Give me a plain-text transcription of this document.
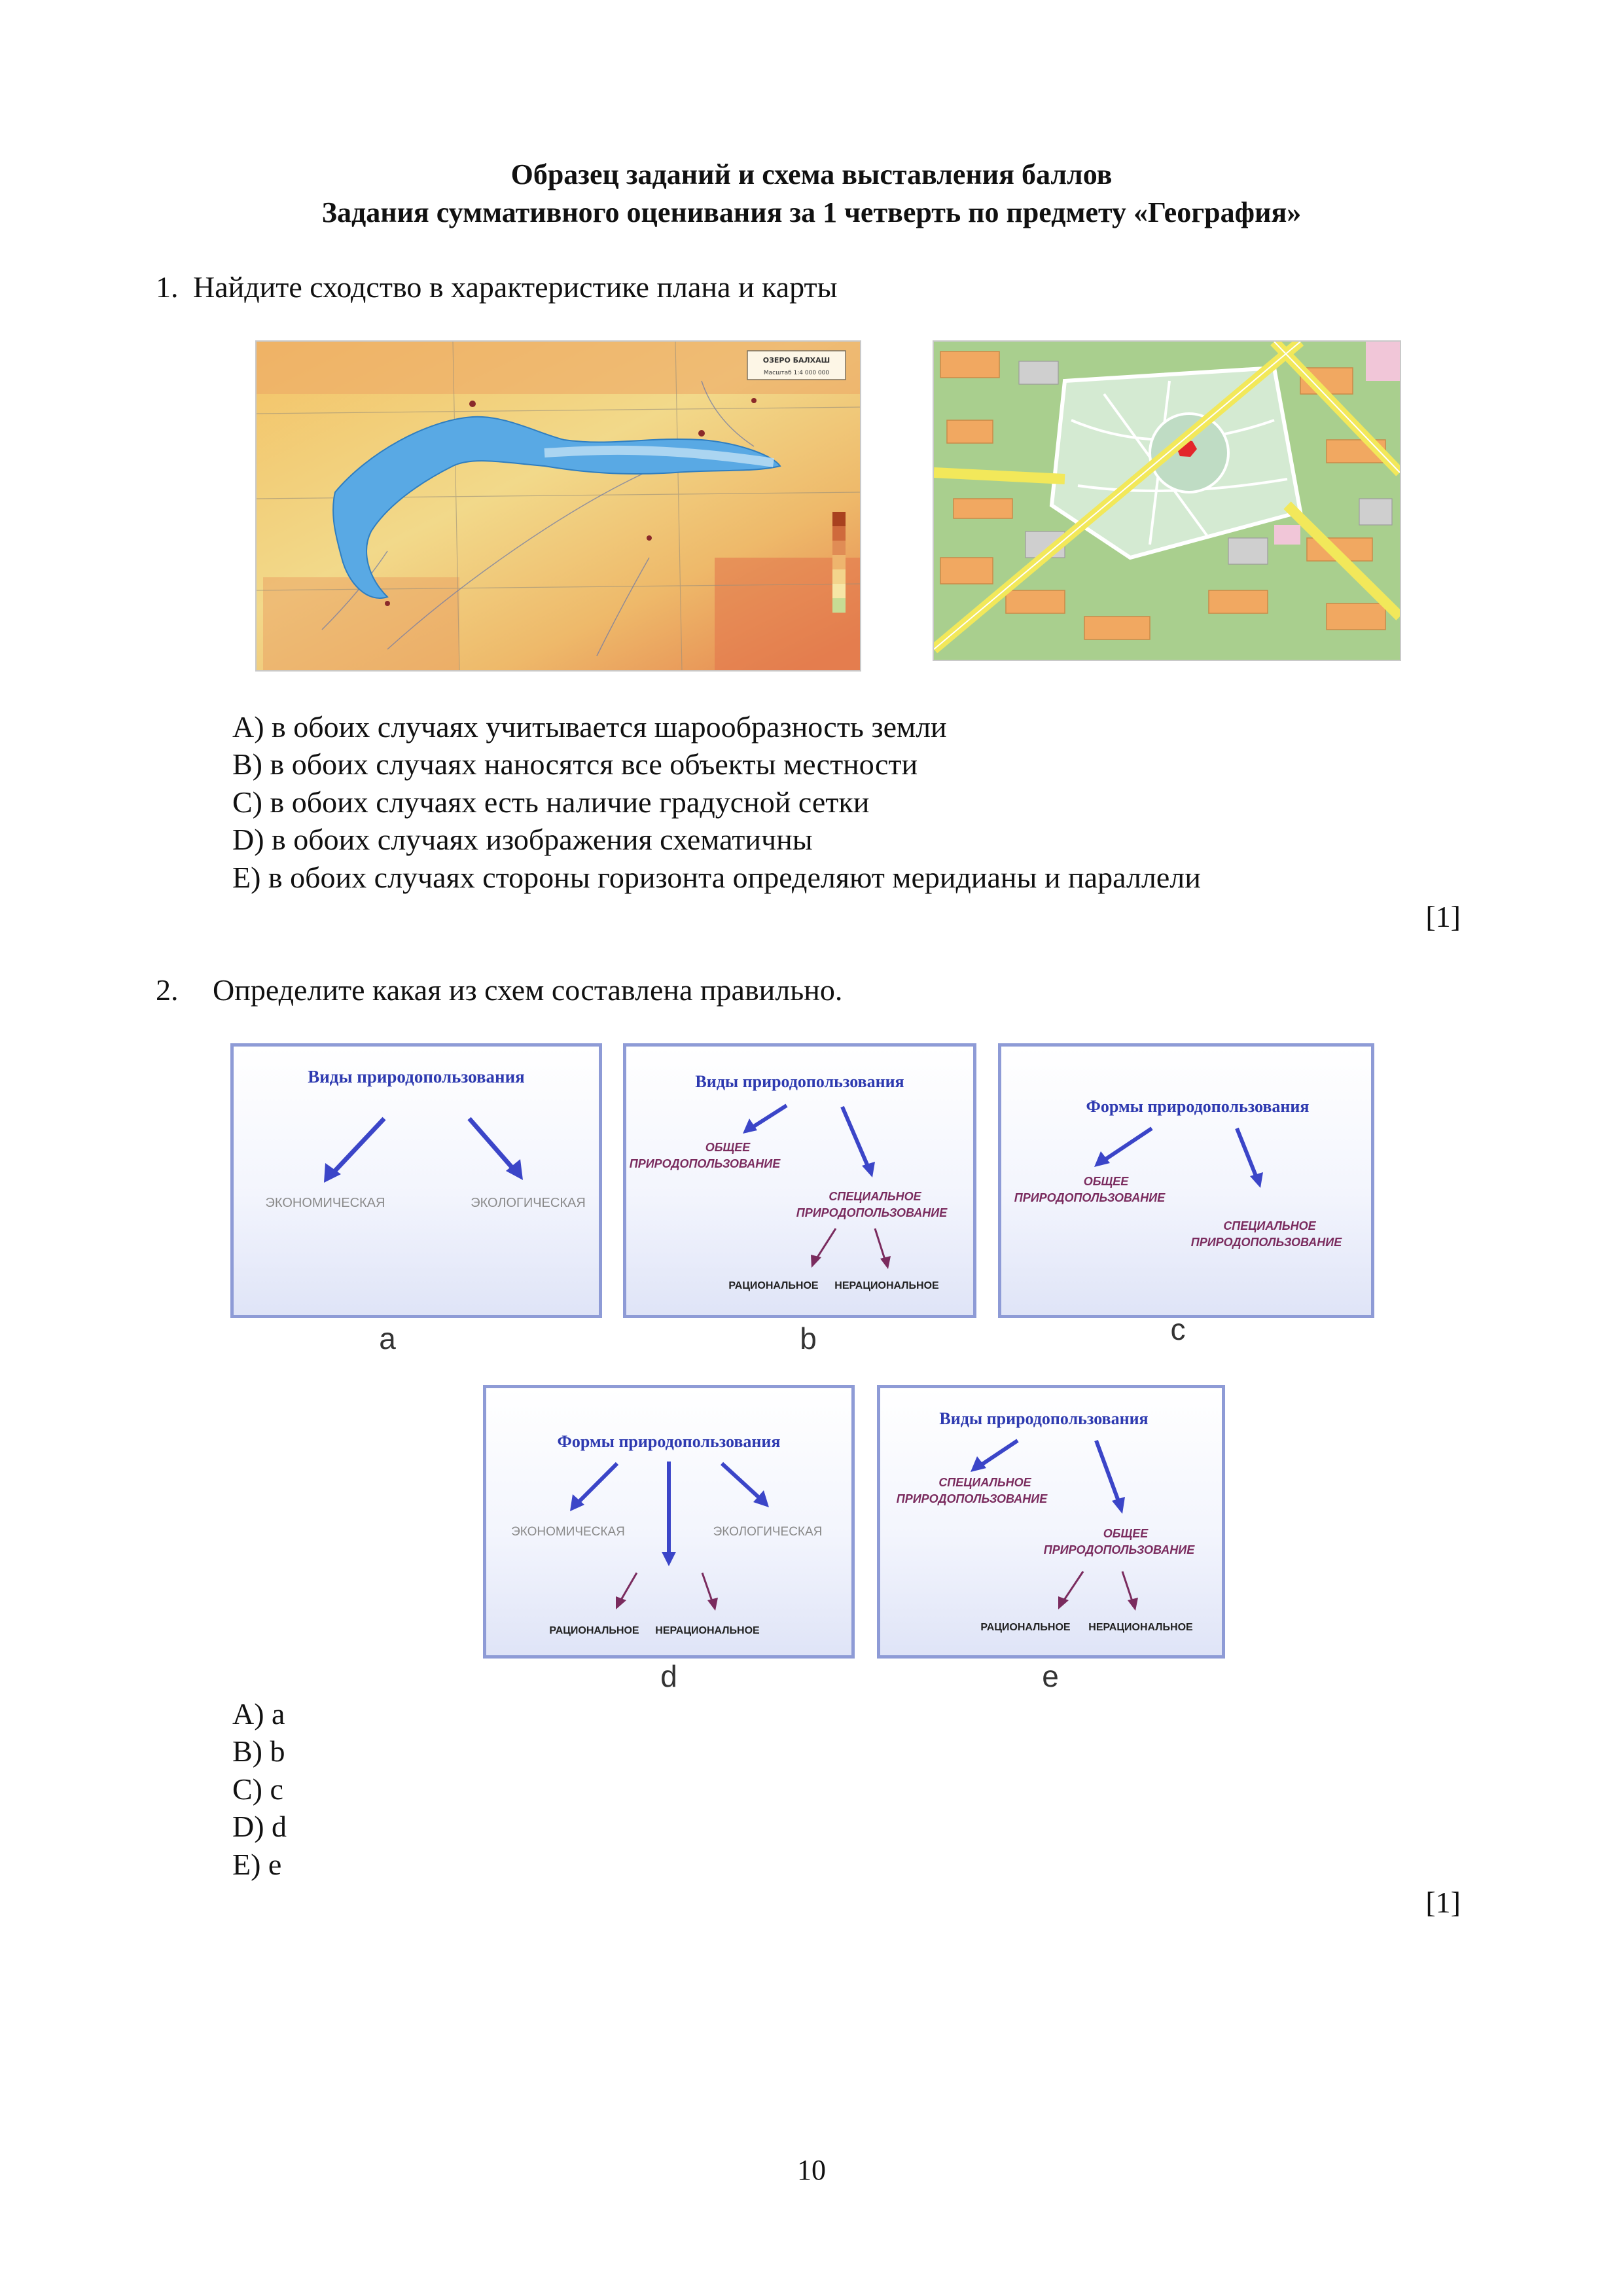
Образец заданий и схема выставления баллов
Задания суммативного оценивания за 1 четверть по предмету «География»
1. Найдите сходство в характеристике плана и карты
ОЗЕРО БАЛХАШ
Масштаб 1:4 000 000
A) в обоих случаях учитывается шарообразность земли
B) в обоих случаях наносятся все объекты местности
C) в обоих случаях есть наличие градусной сетки
D) в обоих случаях изображения схематичны
E) в обоих случаях стороны горизонта определяют меридианы и параллели
[1]
2. Определите какая из схем составлена правильно.
Виды природопользования
ЭКОНОМИЧЕСКАЯ	ЭКОЛОГИЧЕСКАЯ
a
Виды природопользования
ОБЩЕЕ
ПРИРОДОПОЛЬЗОВАНИЕ
СПЕЦИАЛЬНОЕ
ПРИРОДОПОЛЬЗОВАНИЕ
РАЦИОНАЛЬНОЕ НЕРАЦИОНАЛЬНОЕ
b
Формы природопользования
ОБЩЕЕ
ПРИРОДОПОЛЬЗОВАНИЕ
СПЕЦИАЛЬНОЕ
ПРИРОДОПОЛЬЗОВАНИЕ
c
Формы природопользования
ЭКОНОМИЧЕСКАЯ	ЭКОЛОГИЧЕСКАЯ
РАЦИОНАЛЬНОЕ НЕРАЦИОНАЛЬНОЕ
d
Виды природопользования
СПЕЦИАЛЬНОЕ
ПРИРОДОПОЛЬЗОВАНИЕ
ОБЩЕЕ
ПРИРОДОПОЛЬЗОВАНИЕ
РАЦИОНАЛЬНОЕ НЕРАЦИОНАЛЬНОЕ
e
A) a
B) b
C) c
D) d
E) e
[1]
10
